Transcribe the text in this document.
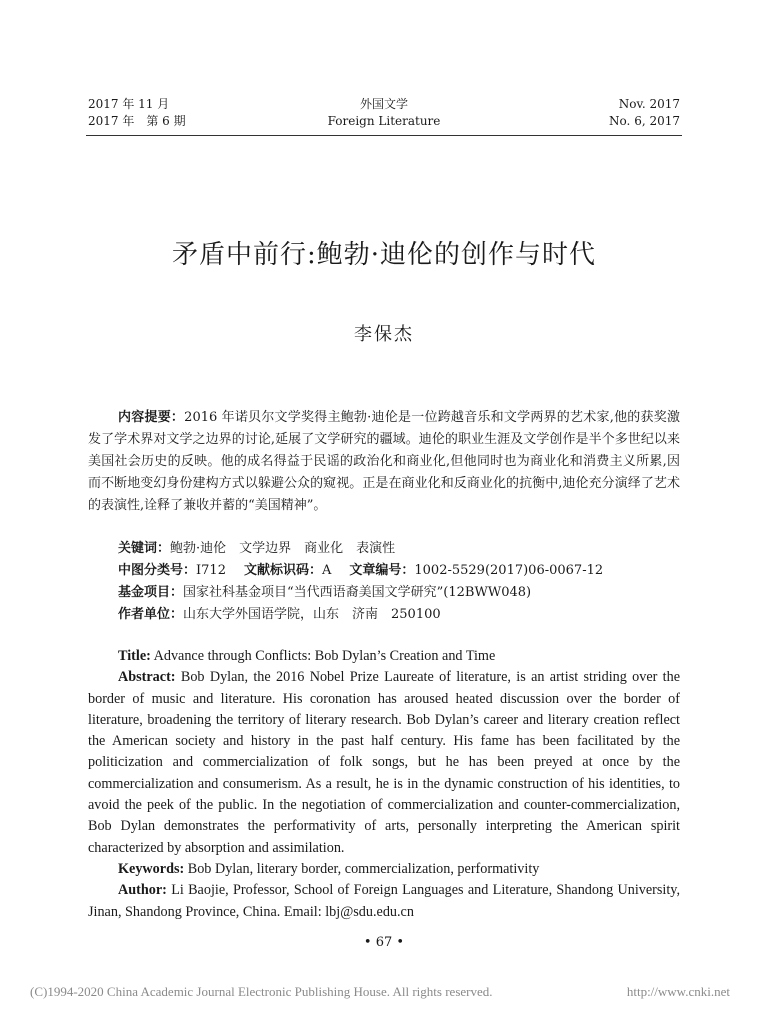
2017 年 11 月
2017 年　第 6 期
外国文学
Foreign Literature
Nov. 2017
No. 6, 2017
矛盾中前行:鲍勃·迪伦的创作与时代
李保杰
内容提要：2016 年诺贝尔文学奖得主鲍勃·迪伦是一位跨越音乐和文学两界的艺术家,他的获奖激发了学术界对文学之边界的讨论,延展了文学研究的疆域。迪伦的职业生涯及文学创作是半个多世纪以来美国社会历史的反映。他的成名得益于民谣的政治化和商业化,但他同时也为商业化和消费主义所累,因而不断地变幻身份建构方式以躲避公众的窥视。正是在商业化和反商业化的抗衡中,迪伦充分演绎了艺术的表演性,诠释了兼收并蓄的“美国精神”。
关键词：鲍勃·迪伦　文学边界　商业化　表演性
中图分类号：I712 文献标识码：A 文章编号：1002-5529(2017)06-0067-12
基金项目：国家社科基金项目“当代西语裔美国文学研究”(12BWW048)
作者单位：山东大学外国语学院，山东　济南　250100
Title: Advance through Conflicts: Bob Dylan’s Creation and Time
Abstract: Bob Dylan, the 2016 Nobel Prize Laureate of literature, is an artist striding over the border of music and literature. His coronation has aroused heated discussion over the border of literature, broadening the territory of literary research. Bob Dylan’s career and literary creation reflect the American society and history in the past half century. His fame has been facilitated by the politicization and commercialization of folk songs, but he has been preyed at once by the commercialization and consumerism. As a result, he is in the dynamic construction of his identities, to avoid the peek of the public. In the negotiation of commercialization and counter-commercialization, Bob Dylan demonstrates the performativity of arts, personally interpreting the American spirit characterized by absorption and assimilation.
Keywords: Bob Dylan, literary border, commercialization, performativity
Author: Li Baojie, Professor, School of Foreign Languages and Literature, Shandong University, Jinan, Shandong Province, China. Email: lbj@sdu.edu.cn
• 67 •
(C)1994-2020 China Academic Journal Electronic Publishing House. All rights reserved.	http://www.cnki.net
